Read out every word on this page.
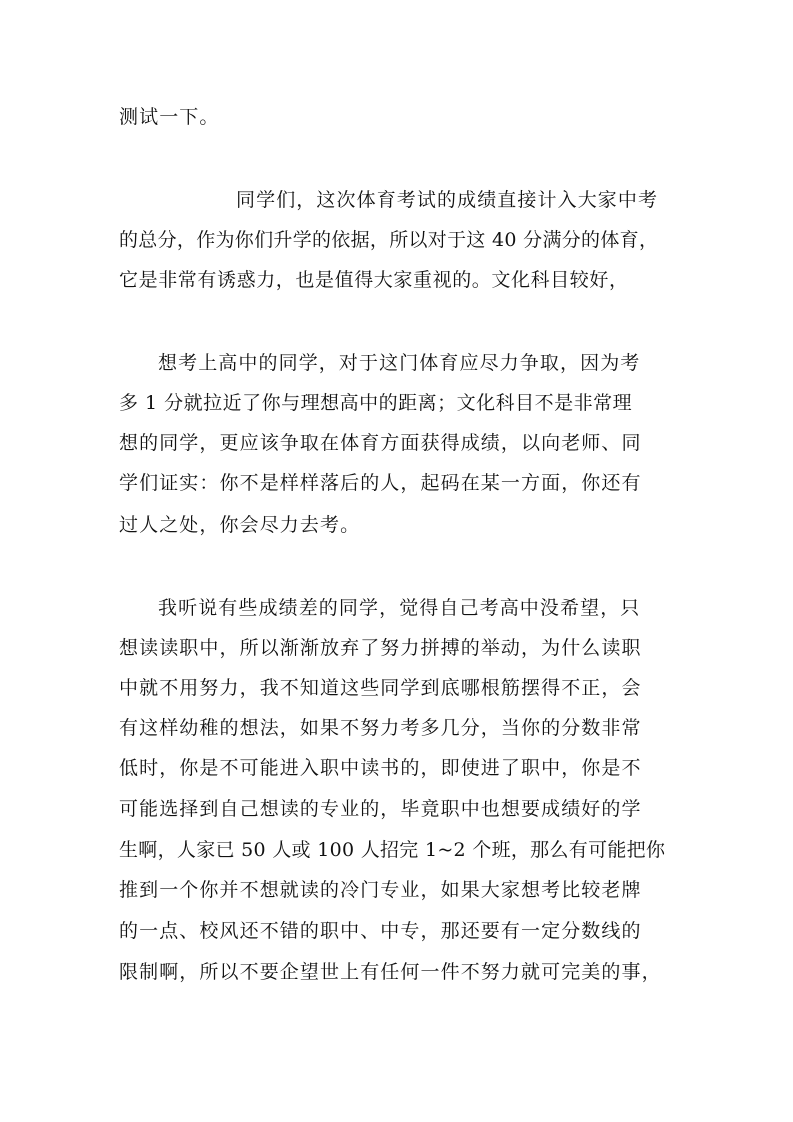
测试一下。
同学们，这次体育考试的成绩直接计入大家中考
的总分，作为你们升学的依据，所以对于这 40 分满分的体育，
它是非常有诱惑力，也是值得大家重视的。文化科目较好，
想考上高中的同学，对于这门体育应尽力争取，因为考
多 1 分就拉近了你与理想高中的距离；文化科目不是非常理
想的同学，更应该争取在体育方面获得成绩，以向老师、同
学们证实：你不是样样落后的人，起码在某一方面，你还有
过人之处，你会尽力去考。
我听说有些成绩差的同学，觉得自己考高中没希望，只
想读读职中，所以渐渐放弃了努力拼搏的举动，为什么读职
中就不用努力，我不知道这些同学到底哪根筋摆得不正，会
有这样幼稚的想法，如果不努力考多几分，当你的分数非常
低时，你是不可能进入职中读书的，即使进了职中，你是不
可能选择到自己想读的专业的，毕竟职中也想要成绩好的学
生啊，人家已 50 人或 100 人招完 1~2 个班，那么有可能把你
推到一个你并不想就读的冷门专业，如果大家想考比较老牌
的一点、校风还不错的职中、中专，那还要有一定分数线的
限制啊，所以不要企望世上有任何一件不努力就可完美的事，
